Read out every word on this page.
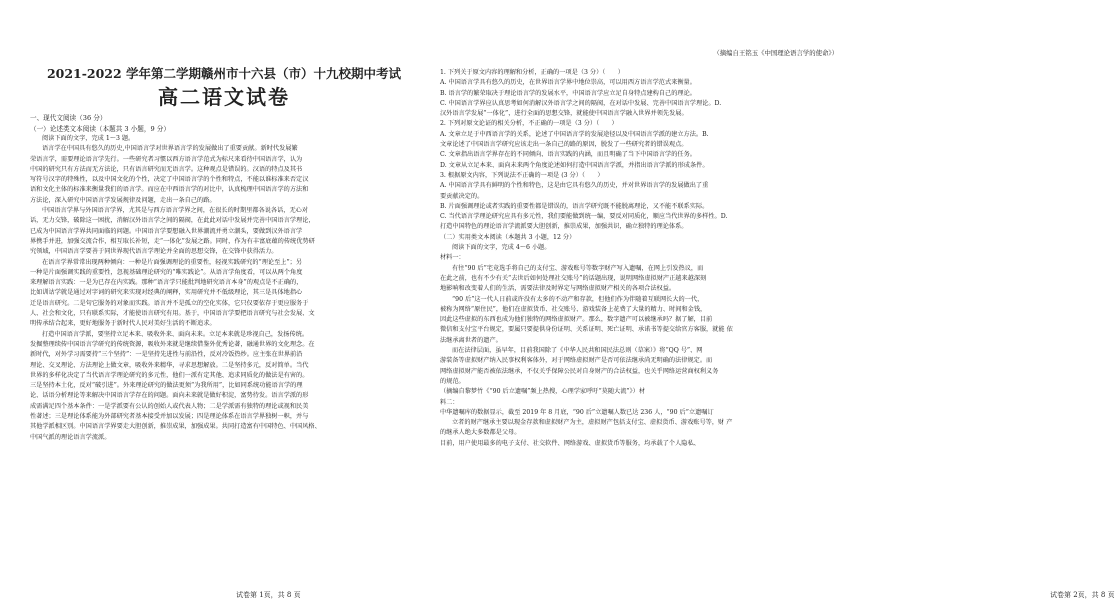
2021-2022 学年第二学期赣州市十六县（市）十九校期中考试

高二语文试卷

一、现代文阅读（36 分）

（一）论述类文本阅读（本题共 3 小题，9 分）

阅读下面的文字，完成 1～3 题。

语言学在中国具有悠久的历史,中国语言学对世界语言学的发展做出了重要贡献。新时代发展繁

荣语言学，需要理论语言学先行。一些研究者习惯以西方语言学范式为标尺来看待中国语言学，认为

中国的研究只有方法而无方法论，只有语言研究而无语言学。这种观点是错误的。汉语的特点及其书

写符号汉字的特殊性，以及中国文化的个性，决定了中国语言学的个性和特点，不能以谁标准来否定汉

语和文化主体的标准来衡量我们的语言学。而应在中西语言学的对比中，认真梳理中国语言学的方法和

方法论，深入研究中国语言学发展规律及问题，走出一条自己的路。

中国语言学界与外国语言学界，尤其是与西方语言学界之间，在很长的时期里都各说各话，无心对

话，无力交锋，破除这一困扰，消解汉外语言学之间的隔阂，在此此对话中发展并完善中国语言学理论，

已成为中国语言学界共同面临的问题。中国语言学要想融入世界潮流并勇立潮头，要做到汉外语言学

界携手并进，加强交流合作，相互取长补短，走“一体化”发展之路。同时，作为有丰富底蕴的传统优势研

究领域，中国语言学要善于同世界现代语言学理论并全面的思想交锋，在交锋中获得活力。

在语言学界常常出现两种倾向：一种是片面强调理论的重要性，轻视实践研究的“理论至上”；另

一种是片面强调实践的重要性，忽视基础理论研究的“唯实践论”。从语言学角度看，可以从两个角度

来理解语言实践：一是为已存在内实践。那种“语言学只能批判地研究语言本身”的观点是不正确的，

比如训诂学就是通过对字词的研究来实现对经典的阐释，实用研究并不低级理论，其三是具体地指心

迁是语言研究。二是句它服务的对象而实践。语言并不是孤立的空化实体，它只仅要依存于更应服务于

人、社会和文化，只有联系实际，才能使语言研究有用。基于，中国语言学要把语言研究与社会发展、文

明传承结合起来，更好地服务于新时代人民对美好生活的不断追求。

打造中国语言学派，要坚持立足本来、吸收外来、面向未来。立足本来就是珍视自己，发扬传统。

发掘整理续传中国语言学研究的传统资源，吸收外来就是继续借鉴外优秀论著，融通世界的文化理念。在

新时代，对外学习需要持“三个坚持”：一是坚持先进性与前沿性，反对冷饭热炒。应主张在世界前沿

理论、交叉理论、方法理论上做文章，吸收外来精华，寻求思想解放。二是坚持多元，反对简单。当代

世界的多样化决定了当代语言学理论研究的多元性，他们一派有定其他、追求同质化的做法是有害的。

三是坚持本土化，反对“破引进”。外来理论研究的做法更须“为我所用”，比如同系统功能语言学的理

论、话语分析理论等来解决中国语言学存在的问题。面向未来就是做好积淀，富势待发。语言学派的形

成需满足四个基本条件：一是学派要有公认的创始人或代表人物；二是学派需有独特的理论或视和民美

性著述；三是理论体系能为外部研究者基本接受并加以发展；四是理论体系在语言学界独树一帜，并与

其他学派相区别。中国语言学界要走大胆创新，推崇成果，加强成果。共同打造富有中国特色、中国风格、

中国气派的理论语言学流派。

试卷第 1页，共 8 页
（摘编自王铭玉《中国理论语言学的使命》）

1. 下列关于原文内容的理解和分析，正确的一项是（3 分）（　　）

A. 中国语言学具有悠久的历史，在世界语言学界中地位崇高，可以用西方语言学范式来衡量。

B. 语言学的繁荣取决于理论语言学的发展水平，中国语言学应立足自身特点建构自己的理论。

C. 中国语言学界应认真思考如何消解汉外语言学之间的隔阂，在对话中发展、完善中国语言学理论。D.

汉外语言学发展“一体化”，进行全面的思想交锋，就能使中国语言学融入世界并领先发展。

2. 下列对原文论证的相关分析，不正确的一项是（3 分）（　　）

A. 文章立足于中西语言学的关系，论述了中国语言学的发展途径以及中国语言学派的建立方法。B.

文章论述了中国语言学研究应该走出一条自己的路的原因，脱发了一些研究者的错误观点。

C. 文章指出语言学界存在的不同倾向、语言实践的内涵，而且明确了当下中国语言学的任务。

D. 文章从立足本来、面向未来两个角度论述如何打造中国语言学派，并指出语言学派的形成条件。

3. 根据原文内容，下列说法不正确的一项是 (3 分）（　　）

A. 中国语言学具有鲜明的个性和特色，这是由它具有悠久的历史，并对世界语言学的发展做出了重

要贡献决定的。

B. 片面强调理论或者实践的重要性都是错误的，语言学研究既不能脱离理论，又不能不联系实际。

C. 当代语言学理论研究应具有多元性，我们要能做到统一编，要反对同质化，顺应当代世界的多样性。D.

打造中国特色的理论语言学流派要大胆创新，推崇成果，加强共识，确立独特的理论体系。

（二）实用类文本阅读（本题共 3 小题，12 分）

阅读下面的文字，完成 4～6 小题。

材料一：

有往“90 后”宅竟选手将自己的支付宝、游戏账号等数字财产写入遗嘱，在网上引发热议，而

在此之前，也有不少有关“去世后如何处理社交账号”的话题出现，说明网络虚拟财产正越来越深刻

地影响和改变着人们的生活，需要法律及时界定与网络虚拟财产相关的各项合法权益。

“90 后”这一代人日前或许没有太多的不动产和存款，但他们作为伴随着互联网长大的一代，

被称为网络“原住民”，他们在虚拟货币、社交账号、游戏装备上花费了大量的精力、时间和金钱，

因此这些虚拟的东西也成为他们独特的网络虚拟财产。那么，数字遗产可以被继承吗？据了解，目前

微信和支付宝平台规定，要属只要提供身份证明、关系证明、死亡证明、承诺书等提交给官方客服，就能 依

法继承离世者的遗产。

而在法律层面，虽早年，目前我国除了《中华人民共和国民法总则（草案）》将“QQ 号”、网

游装备等虚拟财产纳入民事权利客体外，对于网络虚拟财产是否可依法继承尚无明确的法律规定。而

网络虚拟财产能否被依法继承，不仅关乎保障公民对自身财产的合法权益，也关乎网络运营商权利义务

的规范。

（摘编自黎梦竹《“90 后立遗嘱”频上热搜，心理学家呼吁“莫随大流”》）材

料二：

中华遗嘱库的数据显示，截至 2019 年 8 月底，“90 后”立遗嘱人数已达 236 人，“90 后”立遗嘱订

立者的财产继承主要以现金存款和虚拟财产为主，虚拟财产包括支付宝、虚拟货币、游戏账号等，财 产

的继承人绝大多数都是父母。

目前，用户使用最多的电子支付、社交软件、网络游戏、虚拟货币等服务，均承载了个人隐私、

试卷第 2页，共 8 页
